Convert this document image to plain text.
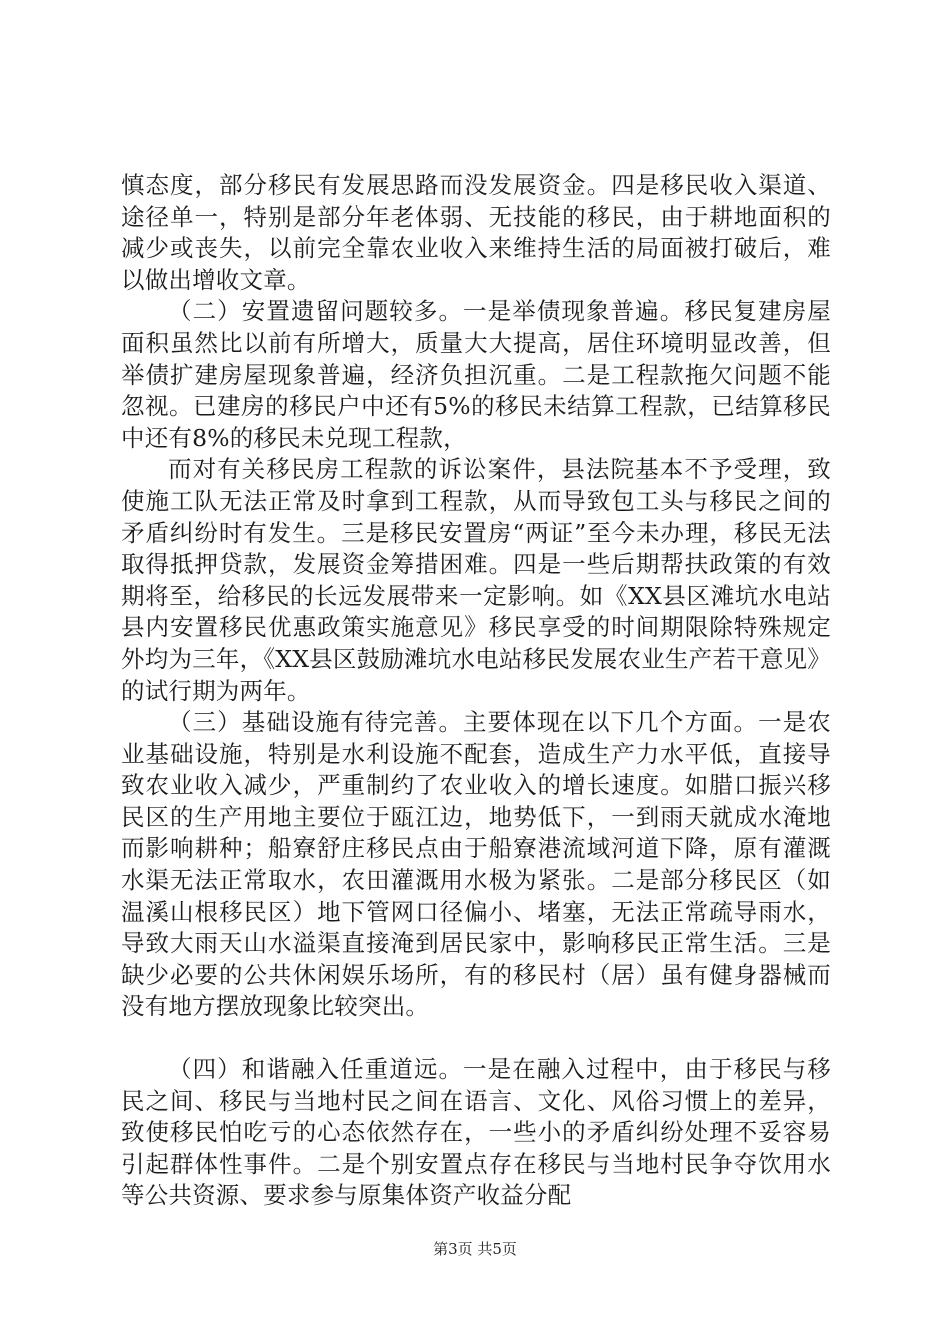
慎态度，部分移民有发展思路而没发展资金。四是移民收入渠道、途径单一，特别是部分年老体弱、无技能的移民，由于耕地面积的减少或丧失，以前完全靠农业收入来维持生活的局面被打破后，难以做出增收文章。

（二）安置遗留问题较多。一是举债现象普遍。移民复建房屋面积虽然比以前有所增大，质量大大提高，居住环境明显改善，但举债扩建房屋现象普遍，经济负担沉重。二是工程款拖欠问题不能忽视。已建房的移民户中还有5%的移民未结算工程款，已结算移民中还有8%的移民未兑现工程款，

而对有关移民房工程款的诉讼案件，县法院基本不予受理，致使施工队无法正常及时拿到工程款，从而导致包工头与移民之间的矛盾纠纷时有发生。三是移民安置房“两证”至今未办理，移民无法取得抵押贷款，发展资金筹措困难。四是一些后期帮扶政策的有效期将至，给移民的长远发展带来一定影响。如《XX县区滩坑水电站县内安置移民优惠政策实施意见》移民享受的时间期限除特殊规定外均为三年，《XX县区鼓励滩坑水电站移民发展农业生产若干意见》的试行期为两年。

（三）基础设施有待完善。主要体现在以下几个方面。一是农业基础设施，特别是水利设施不配套，造成生产力水平低，直接导致农业收入减少，严重制约了农业收入的增长速度。如腊口振兴移民区的生产用地主要位于瓯江边，地势低下，一到雨天就成水淹地而影响耕种；船寮舒庄移民点由于船寮港流域河道下降，原有灌溉水渠无法正常取水，农田灌溉用水极为紧张。二是部分移民区（如温溪山根移民区）地下管网口径偏小、堵塞，无法正常疏导雨水，导致大雨天山水溢渠直接淹到居民家中，影响移民正常生活。三是缺少必要的公共休闲娱乐场所，有的移民村（居）虽有健身器械而没有地方摆放现象比较突出。

（四）和谐融入任重道远。一是在融入过程中，由于移民与移民之间、移民与当地村民之间在语言、文化、风俗习惯上的差异，致使移民怕吃亏的心态依然存在，一些小的矛盾纠纷处理不妥容易引起群体性事件。二是个别安置点存在移民与当地村民争夺饮用水等公共资源、要求参与原集体资产收益分配

第3页 共5页
